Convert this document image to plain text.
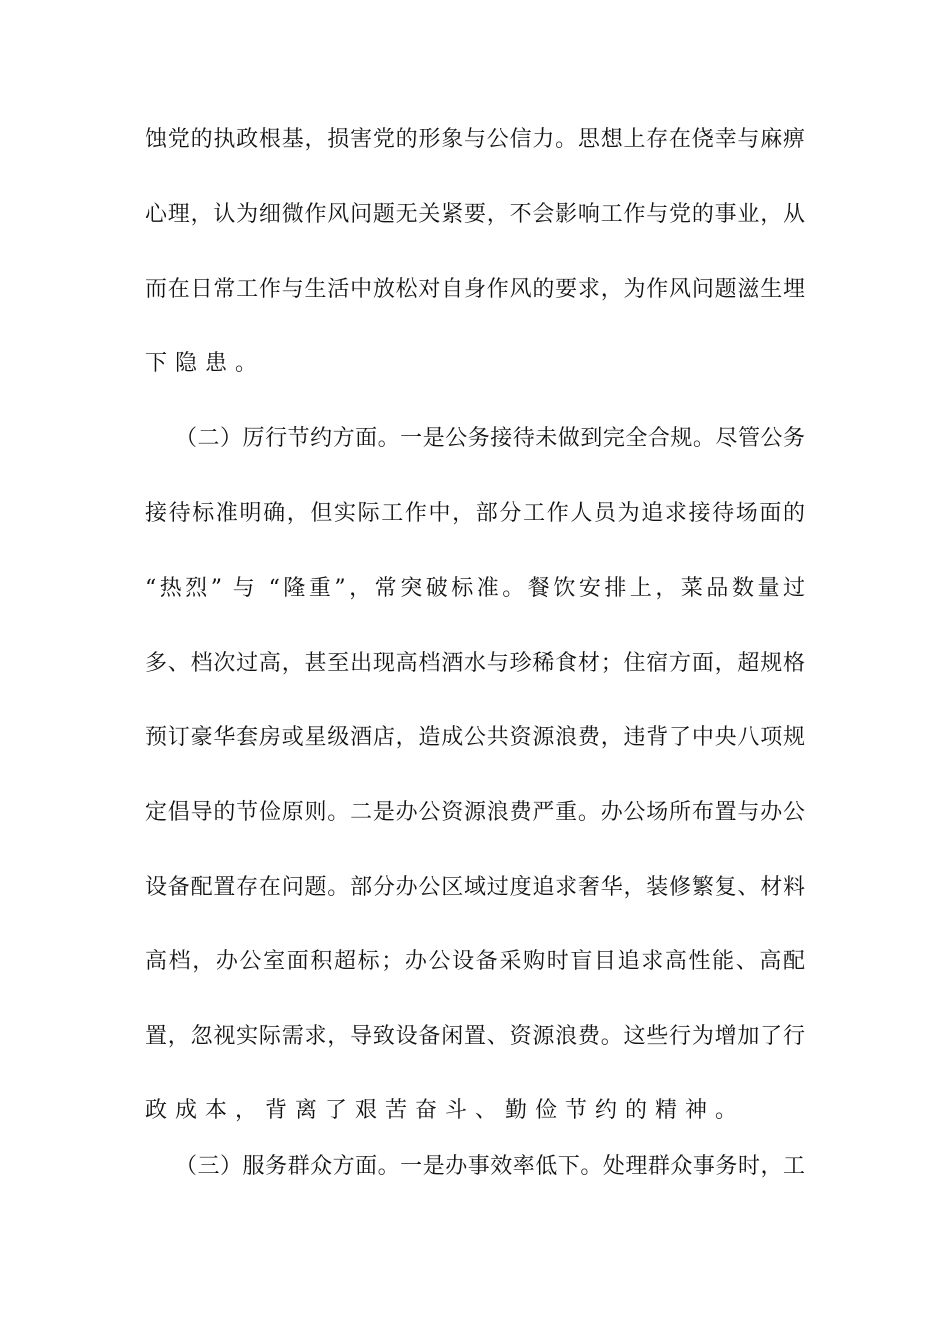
蚀党的执政根基，损害党的形象与公信力。思想上存在侥幸与麻痹
心理，认为细微作风问题无关紧要，不会影响工作与党的事业，从
而在日常工作与生活中放松对自身作风的要求，为作风问题滋生埋
下隐患。
（二）厉行节约方面。一是公务接待未做到完全合规。尽管公务
接待标准明确，但实际工作中，部分工作人员为追求接待场面的
“热烈” 与 “隆重”，常突破标准。餐饮安排上，菜品数量过
多、档次过高，甚至出现高档酒水与珍稀食材；住宿方面，超规格
预订豪华套房或星级酒店，造成公共资源浪费，违背了中央八项规
定倡导的节俭原则。二是办公资源浪费严重。办公场所布置与办公
设备配置存在问题。部分办公区域过度追求奢华，装修繁复、材料
高档，办公室面积超标；办公设备采购时盲目追求高性能、高配
置，忽视实际需求，导致设备闲置、资源浪费。这些行为增加了行
政成本，背离了艰苦奋斗、勤俭节约的精神。
（三）服务群众方面。一是办事效率低下。处理群众事务时，工
